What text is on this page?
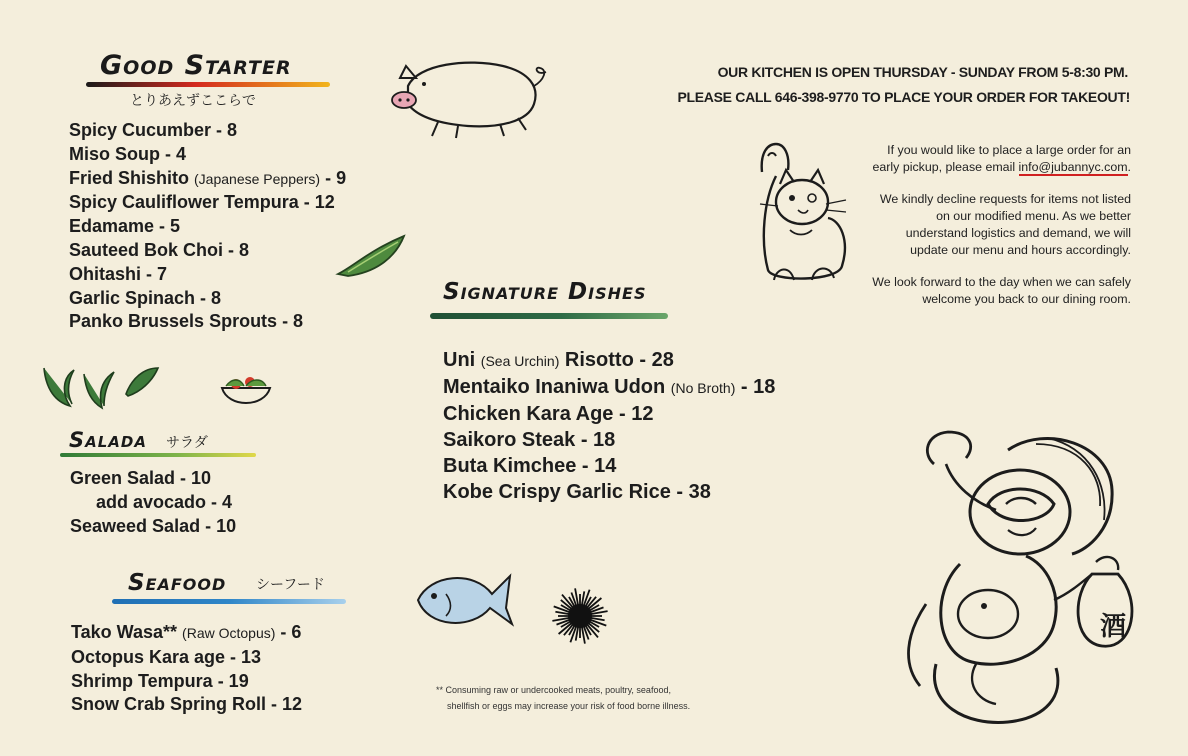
Good Starter
とりあえずここらで
Spicy Cucumber - 8
Miso Soup - 4
Fried Shishito (Japanese Peppers) - 9
Spicy Cauliflower Tempura - 12
Edamame - 5
Sauteed Bok Choi - 8
Ohitashi - 7
Garlic Spinach - 8
Panko Brussels Sprouts - 8
Salada サラダ
Green Salad - 10
add avocado - 4
Seaweed Salad - 10
Seafood シーフード
Tako Wasa** (Raw Octopus) - 6
Octopus Kara age - 13
Shrimp Tempura - 19
Snow Crab Spring Roll - 12
Signature Dishes
Uni (Sea Urchin) Risotto - 28
Mentaiko Inaniwa Udon (No Broth) - 18
Chicken Kara Age - 12
Saikoro Steak - 18
Buta Kimchee - 14
Kobe Crispy Garlic Rice - 38
OUR KITCHEN IS OPEN THURSDAY - SUNDAY FROM 5-8:30 PM.
PLEASE CALL 646-398-9770 TO PLACE YOUR ORDER FOR TAKEOUT!

If you would like to place a large order for an early pickup, please email info@jubannyc.com.

We kindly decline requests for items not listed on our modified menu. As we better understand logistics and demand, we will update our menu and hours accordingly.

We look forward to the day when we can safely welcome you back to our dining room.

** Consuming raw or undercooked meats, poultry, seafood,
shellfish or eggs may increase your risk of food borne illness.
酒
